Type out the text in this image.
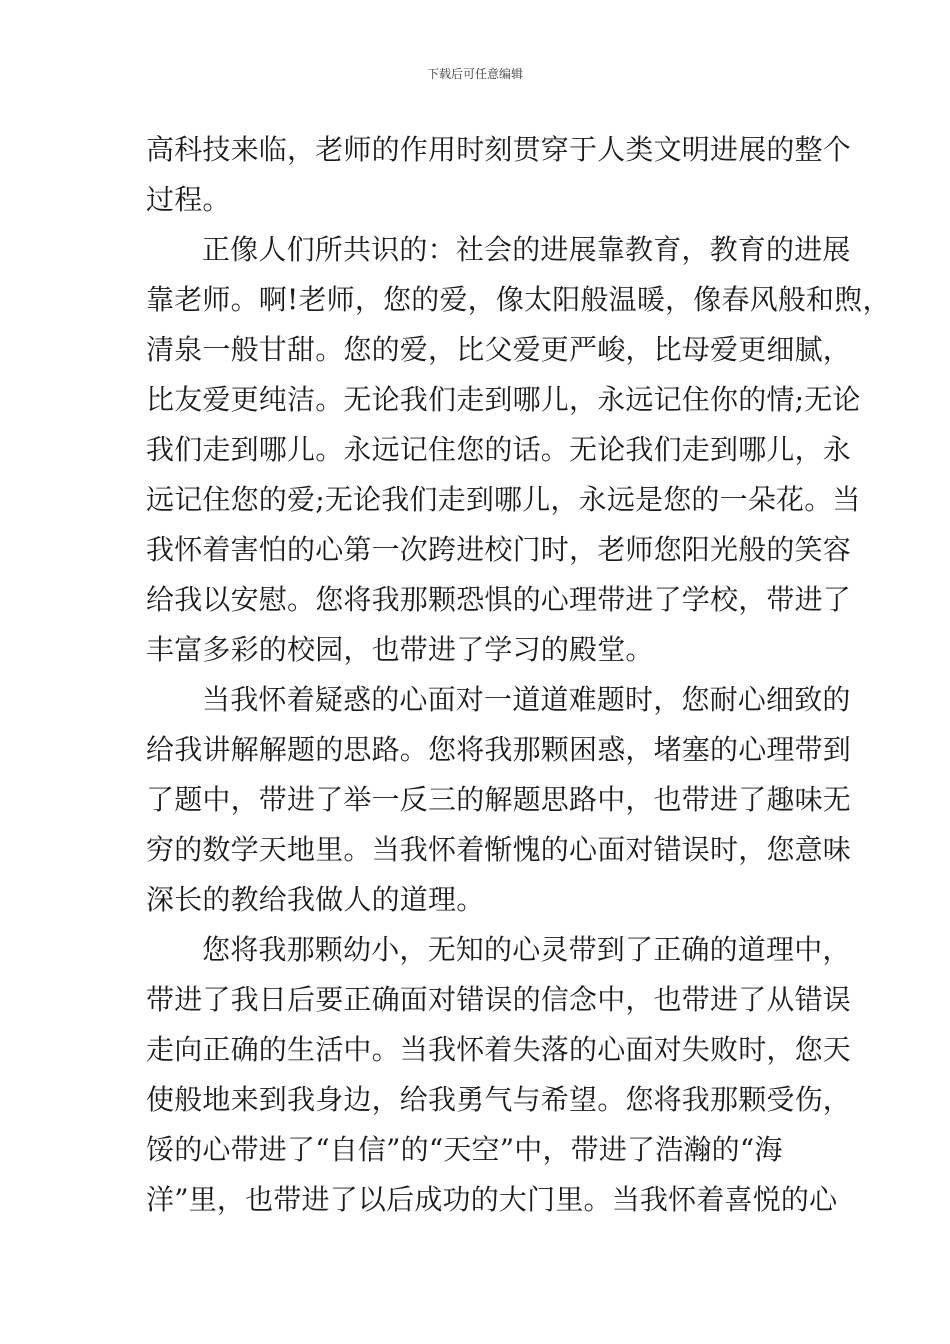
下载后可任意编辑
高科技来临，老师的作用时刻贯穿于人类文明进展的整个
过程。
正像人们所共识的：社会的进展靠教育，教育的进展
靠老师。啊!老师，您的爱，像太阳般温暖，像春风般和煦，
清泉一般甘甜。您的爱，比父爱更严峻，比母爱更细腻，
比友爱更纯洁。无论我们走到哪儿，永远记住你的情;无论
我们走到哪儿。永远记住您的话。无论我们走到哪儿，永
远记住您的爱;无论我们走到哪儿，永远是您的一朵花。当
我怀着害怕的心第一次跨进校门时，老师您阳光般的笑容
给我以安慰。您将我那颗恐惧的心理带进了学校，带进了
丰富多彩的校园，也带进了学习的殿堂。
当我怀着疑惑的心面对一道道难题时，您耐心细致的
给我讲解解题的思路。您将我那颗困惑，堵塞的心理带到
了题中，带进了举一反三的解题思路中，也带进了趣味无
穷的数学天地里。当我怀着惭愧的心面对错误时，您意味
深长的教给我做人的道理。
您将我那颗幼小，无知的心灵带到了正确的道理中，
带进了我日后要正确面对错误的信念中，也带进了从错误
走向正确的生活中。当我怀着失落的心面对失败时，您天
使般地来到我身边，给我勇气与希望。您将我那颗受伤，
馁的心带进了“自信”的“天空”中，带进了浩瀚的“海
洋”里，也带进了以后成功的大门里。当我怀着喜悦的心
